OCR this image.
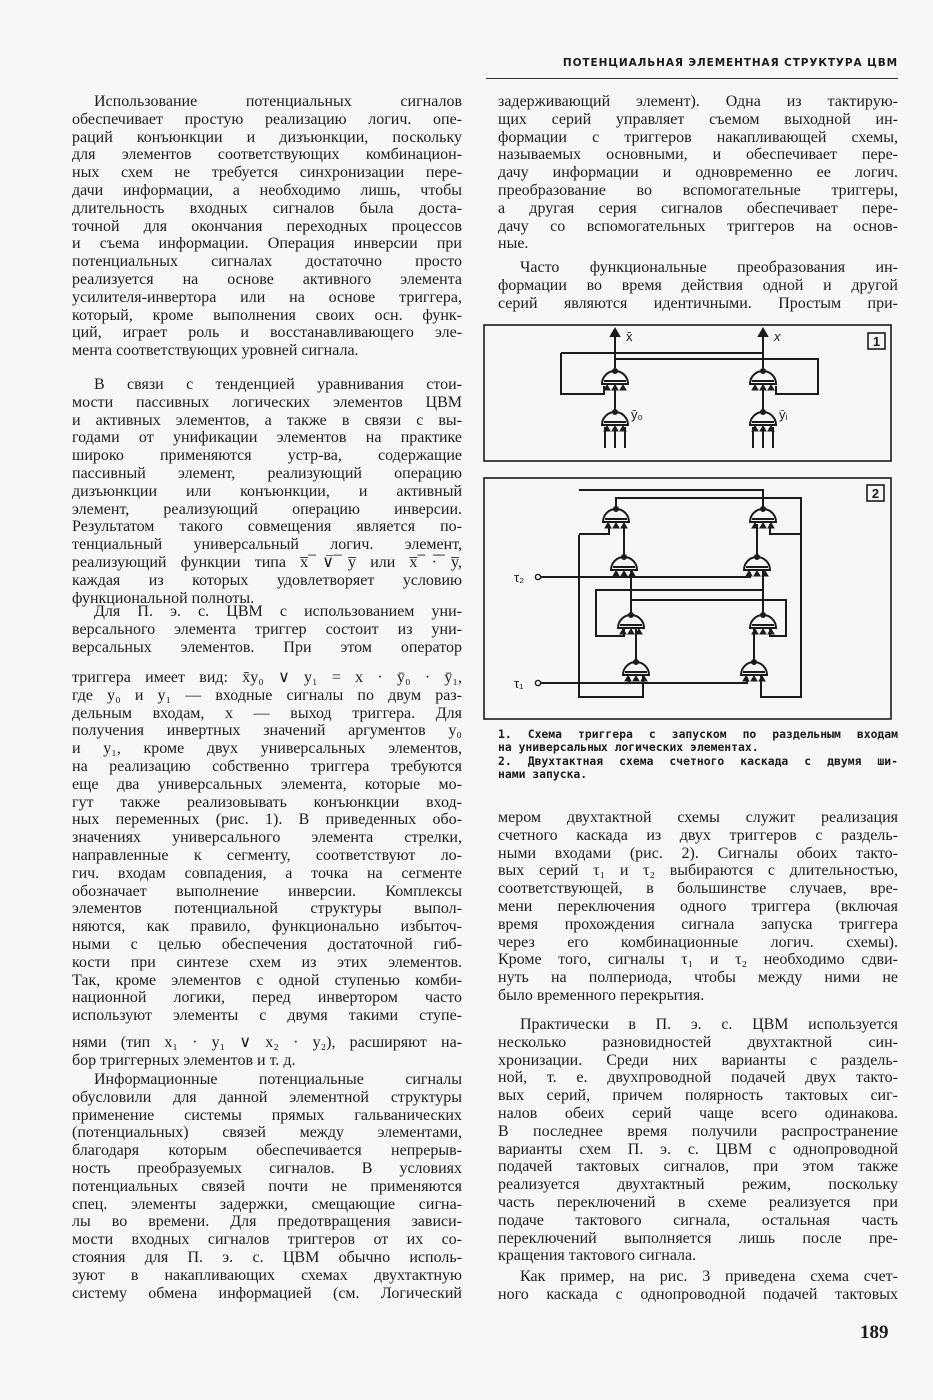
ПОТЕНЦИАЛЬНАЯ ЭЛЕМЕНТНАЯ СТРУКТУРА ЦВМ
Использование потенциальных сигналов
обеспечивает простую реализацию логич. опе-
раций конъюнкции и дизъюнкции, поскольку
для элементов соответствующих комбинацион-
ных схем не требуется синхронизации пере-
дачи информации, а необходимо лишь, чтобы
длительность входных сигналов была доста-
точной для окончания переходных процессов
и съема информации. Операция инверсии при
потенциальных сигналах достаточно просто
реализуется на основе активного элемента
усилителя-инвертора или на основе триггера,
который, кроме выполнения своих осн. функ-
ций, играет роль и восстанавливающего эле-
мента соответствующих уровней сигнала.
В связи с тенденцией уравнивания стои-
мости пассивных логических элементов ЦВМ
и активных элементов, а также в связи с вы-
годами от унификации элементов на практике
широко применяются устр-ва, содержащие
пассивный элемент, реализующий операцию
дизъюнкции или конъюнкции, и активный
элемент, реализующий операцию инверсии.
Результатом такого совмещения является по-
тенциальный универсальный логич. элемент,
реализующий функции типа x̅ ̅∨̅ ̅y̅ или x̅ ̅·̅ ̅y̅,
каждая из которых удовлетворяет условию
функциональной полноты.
Для П. э. с. ЦВМ с использованием уни-
версального элемента триггер состоит из уни-
версальных элементов. При этом оператор
триггера имеет вид: x̄y₀ ∨ y₁ = x · ȳ₀ · ȳ₁,
где y₀ и y₁ — входные сигналы по двум раз-
дельным входам, x — выход триггера. Для
получения инвертных значений аргументов y₀
и y₁, кроме двух универсальных элементов,
на реализацию собственно триггера требуются
еще два универсальных элемента, которые мо-
гут также реализовывать конъюнкции вход-
ных переменных (рис. 1). В приведенных обо-
значениях универсального элемента стрелки,
направленные к сегменту, соответствуют ло-
гич. входам совпадения, а точка на сегменте
обозначает выполнение инверсии. Комплексы
элементов потенциальной структуры выпол-
няются, как правило, функционально избыточ-
ными с целью обеспечения достаточной гиб-
кости при синтезе схем из этих элементов.
Так, кроме элементов с одной ступенью комби-
национной логики, перед инвертором часто
используют элементы с двумя такими ступе-
нями (тип x₁ · y₁ ∨ x₂ · y₂), расширяют на-
бор триггерных элементов и т. д.
Информационные потенциальные сигналы
обусловили для данной элементной структуры
применение системы прямых гальванических
(потенциальных) связей между элементами,
благодаря которым обеспечивается непрерыв-
ность преобразуемых сигналов. В условиях
потенциальных связей почти не применяются
спец. элементы задержки, смещающие сигна-
лы во времени. Для предотвращения зависи-
мости входных сигналов триггеров от их со-
стояния для П. э. с. ЦВМ обычно исполь-
зуют в накапливающих схемах двухтактную
систему обмена информацией (см. Логический
задерживающий элемент). Одна из тактирую-
щих серий управляет съемом выходной ин-
формации с триггеров накапливающей схемы,
называемых основными, и обеспечивает пере-
дачу информации и одновременно ее логич.
преобразование во вспомогательные триггеры,
а другая серия сигналов обеспечивает пере-
дачу со вспомогательных триггеров на основ-
ные.
Часто функциональные преобразования ин-
формации во время действия одной и другой
серий являются идентичными. Простым при-
1. Схема триггера с запуском по раздельным входам
на универсальных логических элементах.
2. Двухтактная схема счетного каскада с двумя ши-
нами запуска.
мером двухтактной схемы служит реализация
счетного каскада из двух триггеров с раздель-
ными входами (рис. 2). Сигналы обоих такто-
вых серий τ₁ и τ₂ выбираются с длительностью,
соответствующей, в большинстве случаев, вре-
мени переключения одного триггера (включая
время прохождения сигнала запуска триггера
через его комбинационные логич. схемы).
Кроме того, сигналы τ₁ и τ₂ необходимо сдви-
нуть на полпериода, чтобы между ними не
было временного перекрытия.
Практически в П. э. с. ЦВМ используется
несколько разновидностей двухтактной син-
хронизации. Среди них варианты с раздель-
ной, т. е. двухпроводной подачей двух такто-
вых серий, причем полярность тактовых сиг-
налов обеих серий чаще всего одинакова.
В последнее время получили распространение
варианты схем П. э. с. ЦВМ с однопроводной
подачей тактовых сигналов, при этом также
реализуется двухтактный режим, поскольку
часть переключений в схеме реализуется при
подаче тактового сигнала, остальная часть
переключений выполняется лишь после пре-
кращения тактового сигнала.
Как пример, на рис. 3 приведена схема счет-
ного каскада с однопроводной подачей тактовых
1
x̄	x
ȳ₀	ȳᵢ
2
τ₂
τ₁
189
